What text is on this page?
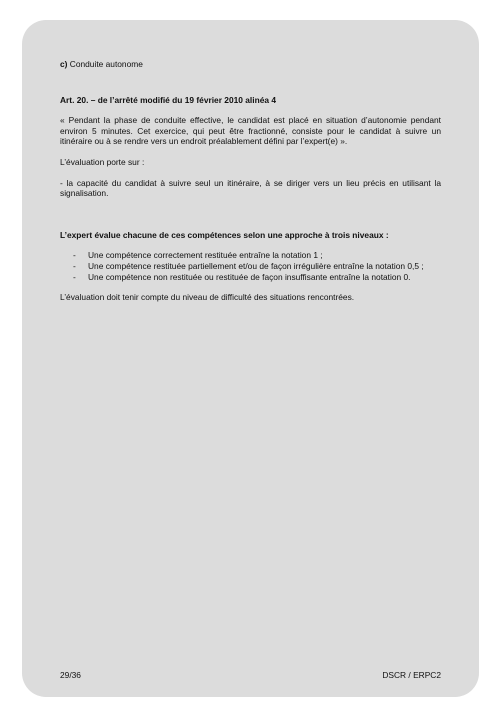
c) Conduite autonome

Art. 20. – de l’arrêté modifié du 19 février 2010 alinéa 4

« Pendant la phase de conduite effective, le candidat est placé en situation d’autonomie pendant environ 5 minutes. Cet exercice, qui peut être fractionné, consiste pour le candidat à suivre un itinéraire ou à se rendre vers un endroit préalablement défini par l’expert(e) ».

L’évaluation porte sur :

- la capacité du candidat à suivre seul un itinéraire, à se diriger vers un lieu précis en utilisant la signalisation.

L’expert évalue chacune de ces compétences selon une approche à trois niveaux :

- Une compétence correctement restituée entraîne la notation 1 ;
- Une compétence restituée partiellement et/ou de façon irrégulière entraîne la notation 0,5 ;
- Une compétence non restituée ou restituée de façon insuffisante entraîne la notation 0.

L’évaluation doit tenir compte du niveau de difficulté des situations rencontrées.

29/36	DSCR / ERPC2
